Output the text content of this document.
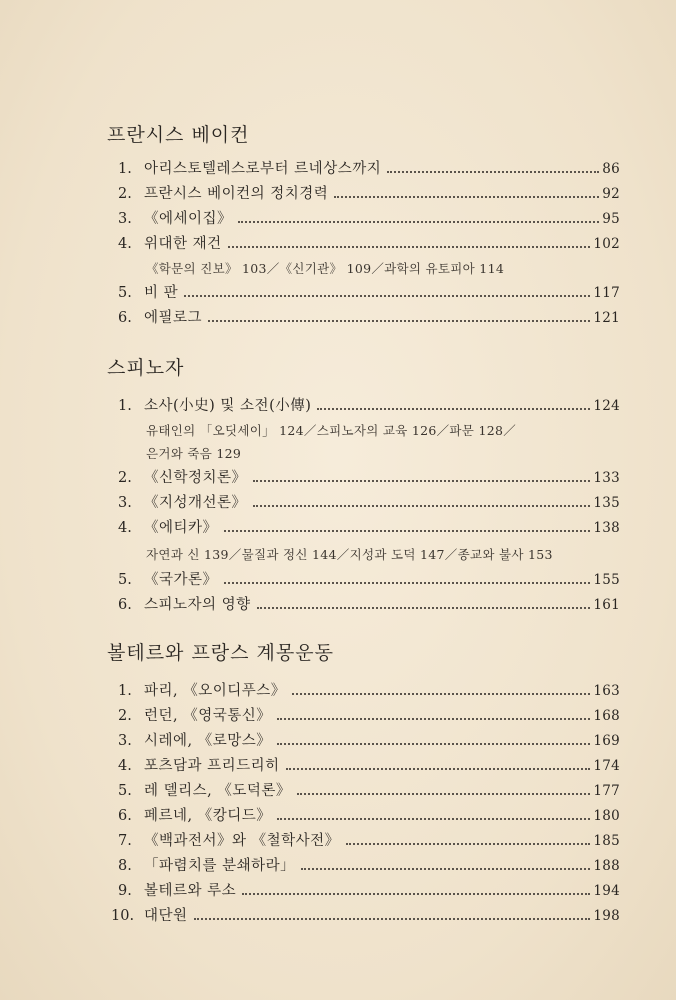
프란시스 베이컨
1. 아리스토텔레스로부터 르네상스까지	86
2. 프란시스 베이컨의 정치경력	92
3. 《에세이집》	95
4. 위대한 재건	102
《학문의 진보》 103／《신기관》 109／과학의 유토피아 114
5. 비 판	117
6. 에필로그	121
스피노자
1. 소사(小史) 및 소전(小傳)	124
유태인의 「오딧세이」 124／스피노자의 교육 126／파문 128／
은거와 죽음 129
2. 《신학정치론》	133
3. 《지성개선론》	135
4. 《에티카》	138
자연과 신 139／물질과 정신 144／지성과 도덕 147／종교와 불사 153
5. 《국가론》	155
6. 스피노자의 영향	161
볼테르와 프랑스 계몽운동
1. 파리, 《오이디푸스》	163
2. 런던, 《영국통신》	168
3. 시레에, 《로망스》	169
4. 포츠담과 프리드리히	174
5. 레 델리스, 《도덕론》	177
6. 페르네, 《캉디드》	180
7. 《백과전서》와 《철학사전》	185
8. 「파렴치를 분쇄하라」	188
9. 볼테르와 루소	194
10. 대단원	198
